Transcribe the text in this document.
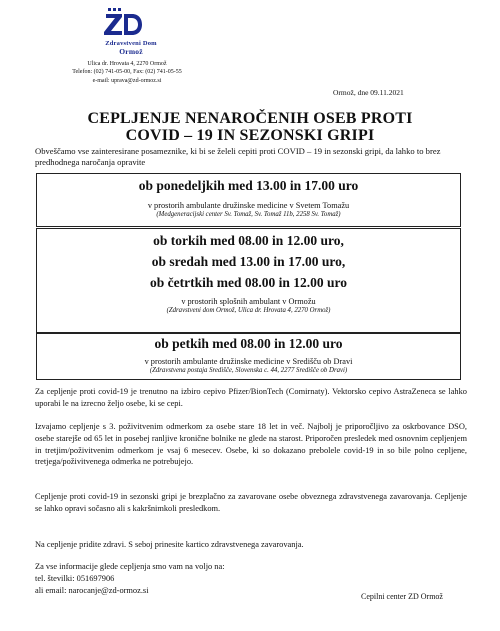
Zdravstveni Dom
Ormož
Ulica dr. Hrovata 4, 2270 Ormož
Telefon: (02) 741-05-00, Fax: (02) 741-05-55
e-mail: uprava@zd-ormoz.si
Ormož, dne 09.11.2021
CEPLJENJE NENAROČENIH OSEB PROTI
COVID – 19 IN SEZONSKI GRIPI
Obveščamo vse zainteresirane posameznike, ki bi se želeli cepiti proti COVID – 19 in sezonski gripi, da lahko to brez predhodnega naročanja opravite
ob ponedeljkih med 13.00 in 17.00 uro
v prostorih ambulante družinske medicine v Svetem Tomažu
(Medgeneracijski center Sv. Tomaž, Sv. Tomaž 11b, 2258 Sv. Tomaž)
ob torkih med 08.00 in 12.00 uro,
ob sredah med 13.00 in 17.00 uro,
ob četrtkih med 08.00 in 12.00 uro
v prostorih splošnih ambulant v Ormožu
(Zdravstveni dom Ormož, Ulica dr. Hrovata 4, 2270 Ormož)
ob petkih med 08.00 in 12.00 uro
v prostorih ambulante družinske medicine v Središču ob Dravi
(Zdravstvena postaja Središče, Slovenska c. 44, 2277 Središče ob Dravi)
Za cepljenje proti covid-19 je trenutno na izbiro cepivo Pfizer/BionTech (Comirnaty). Vektorsko cepivo AstraZeneca se lahko uporabi le na izrecno željo osebe, ki se cepi.
Izvajamo cepljenje s 3. poživitvenim odmerkom za osebe stare 18 let in več. Najbolj je priporočljivo za oskrbovance DSO, osebe starejše od 65 let in posebej ranljive kronične bolnike ne glede na starost. Priporočen presledek med osnovnim cepljenjem in tretjim/poživitvenim odmerkom je vsaj 6 mesecev. Osebe, ki so dokazano prebolele covid-19 in so bile polno cepljene, tretjega/poživitvenega odmerka ne potrebujejo.
Cepljenje proti covid-19 in sezonski gripi je brezplačno za zavarovane osebe obveznega zdravstvenega zavarovanja. Cepljenje se lahko opravi sočasno ali s kakršnimkoli presledkom.
Na cepljenje pridite zdravi. S seboj prinesite kartico zdravstvenega zavarovanja.
Za vse informacije glede cepljenja smo vam na voljo na:
tel. številki: 051697906
ali email: narocanje@zd-ormoz.si
Cepilni center ZD Ormož
